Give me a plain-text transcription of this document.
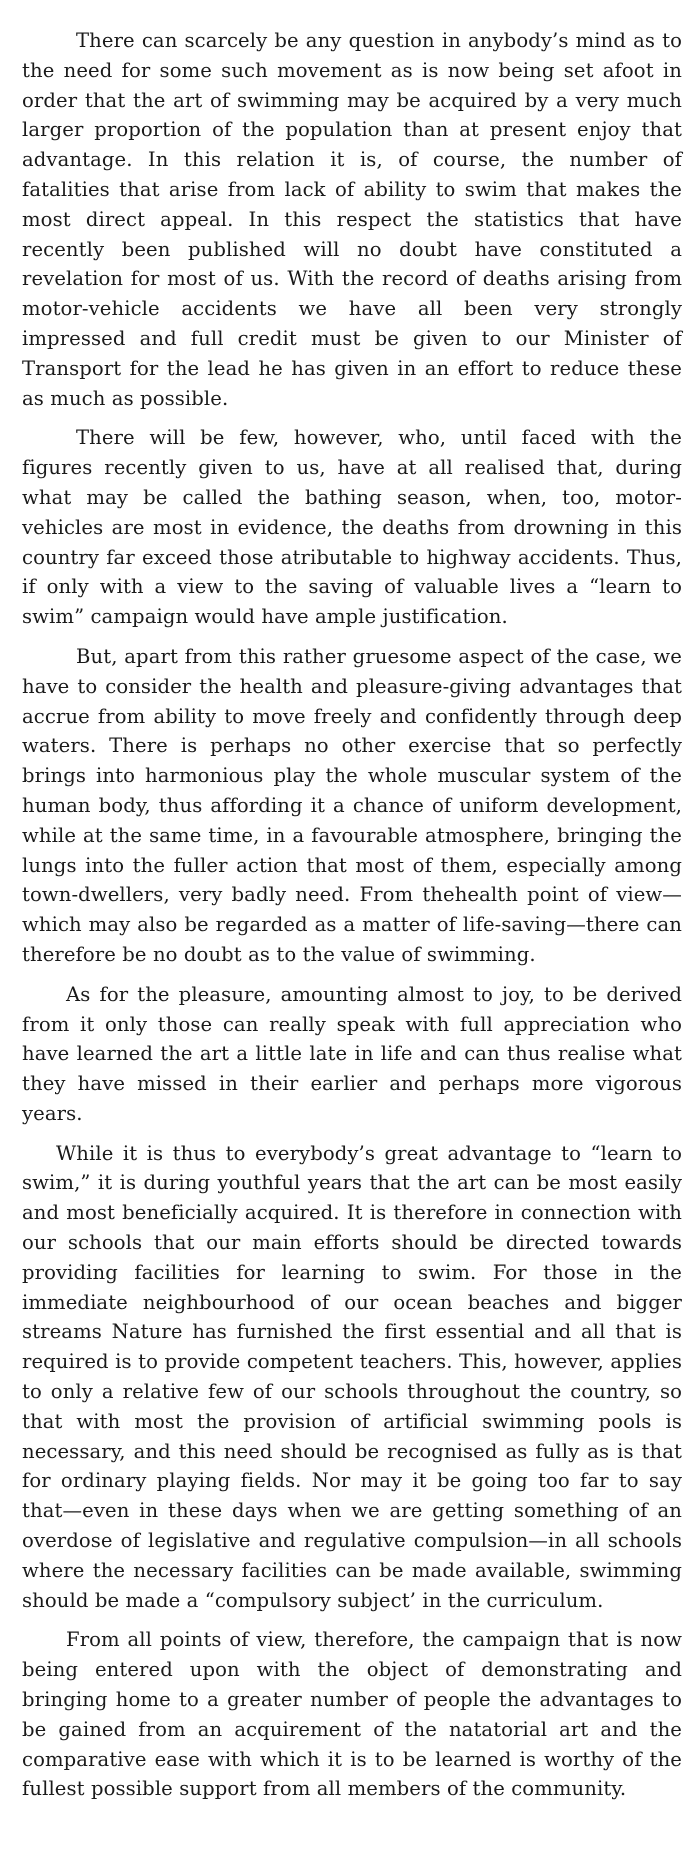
There can scarcely be any question in anybody’s mind as to the need for some such movement as is now being set afoot in order that the art of swimming may be acquired by a very much larger proportion of the population than at present enjoy that advantage. In this relation it is, of course, the number of fatalities that arise from lack of ability to swim that makes the most direct appeal. In this respect the statistics that have recently been published will no doubt have constituted a revelation for most of us. With the record of deaths arising from motor-vehicle accidents we have all been very strongly impressed and full credit must be given to our Minister of Transport for the lead he has given in an effort to reduce these as much as possible.

There will be few, however, who, until faced with the figures recently given to us, have at all realised that, during what may be called the bathing season, when, too, motor-vehicles are most in evidence, the deaths from drowning in this country far exceed those atributable to highway accidents. Thus, if only with a view to the saving of valuable lives a “learn to swim” campaign would have ample justification.

But, apart from this rather gruesome aspect of the case, we have to consider the health and pleasure-giving advantages that accrue from ability to move freely and confidently through deep waters. There is perhaps no other exercise that so perfectly brings into harmonious play the whole muscular system of the human body, thus affording it a chance of uniform development, while at the same time, in a favourable atmosphere, bringing the lungs into the fuller action that most of them, especially among town-dwellers, very badly need. From thehealth point of view—which may also be regarded as a matter of life-saving—there can therefore be no doubt as to the value of swimming.

As for the pleasure, amounting almost to joy, to be derived from it only those can really speak with full appreciation who have learned the art a little late in life and can thus realise what they have missed in their earlier and perhaps more vigorous years.

While it is thus to everybody’s great advantage to “learn to swim,” it is during youthful years that the art can be most easily and most beneficially acquired. It is therefore in connection with our schools that our main efforts should be directed towards providing facilities for learning to swim. For those in the immediate neighbourhood of our ocean beaches and bigger streams Nature has furnished the first essential and all that is required is to provide competent teachers. This, however, applies to only a relative few of our schools throughout the country, so that with most the provision of artificial swimming pools is necessary, and this need should be recognised as fully as is that for ordinary playing fields. Nor may it be going too far to say that—even in these days when we are getting something of an overdose of legislative and regulative compulsion—in all schools where the necessary facilities can be made available, swimming should be made a “compulsory subject’ in the curriculum.

From all points of view, therefore, the campaign that is now being entered upon with the object of demonstrating and bringing home to a greater number of people the advantages to be gained from an acquirement of the natatorial art and the comparative ease with which it is to be learned is worthy of the fullest possible support from all members of the community.
